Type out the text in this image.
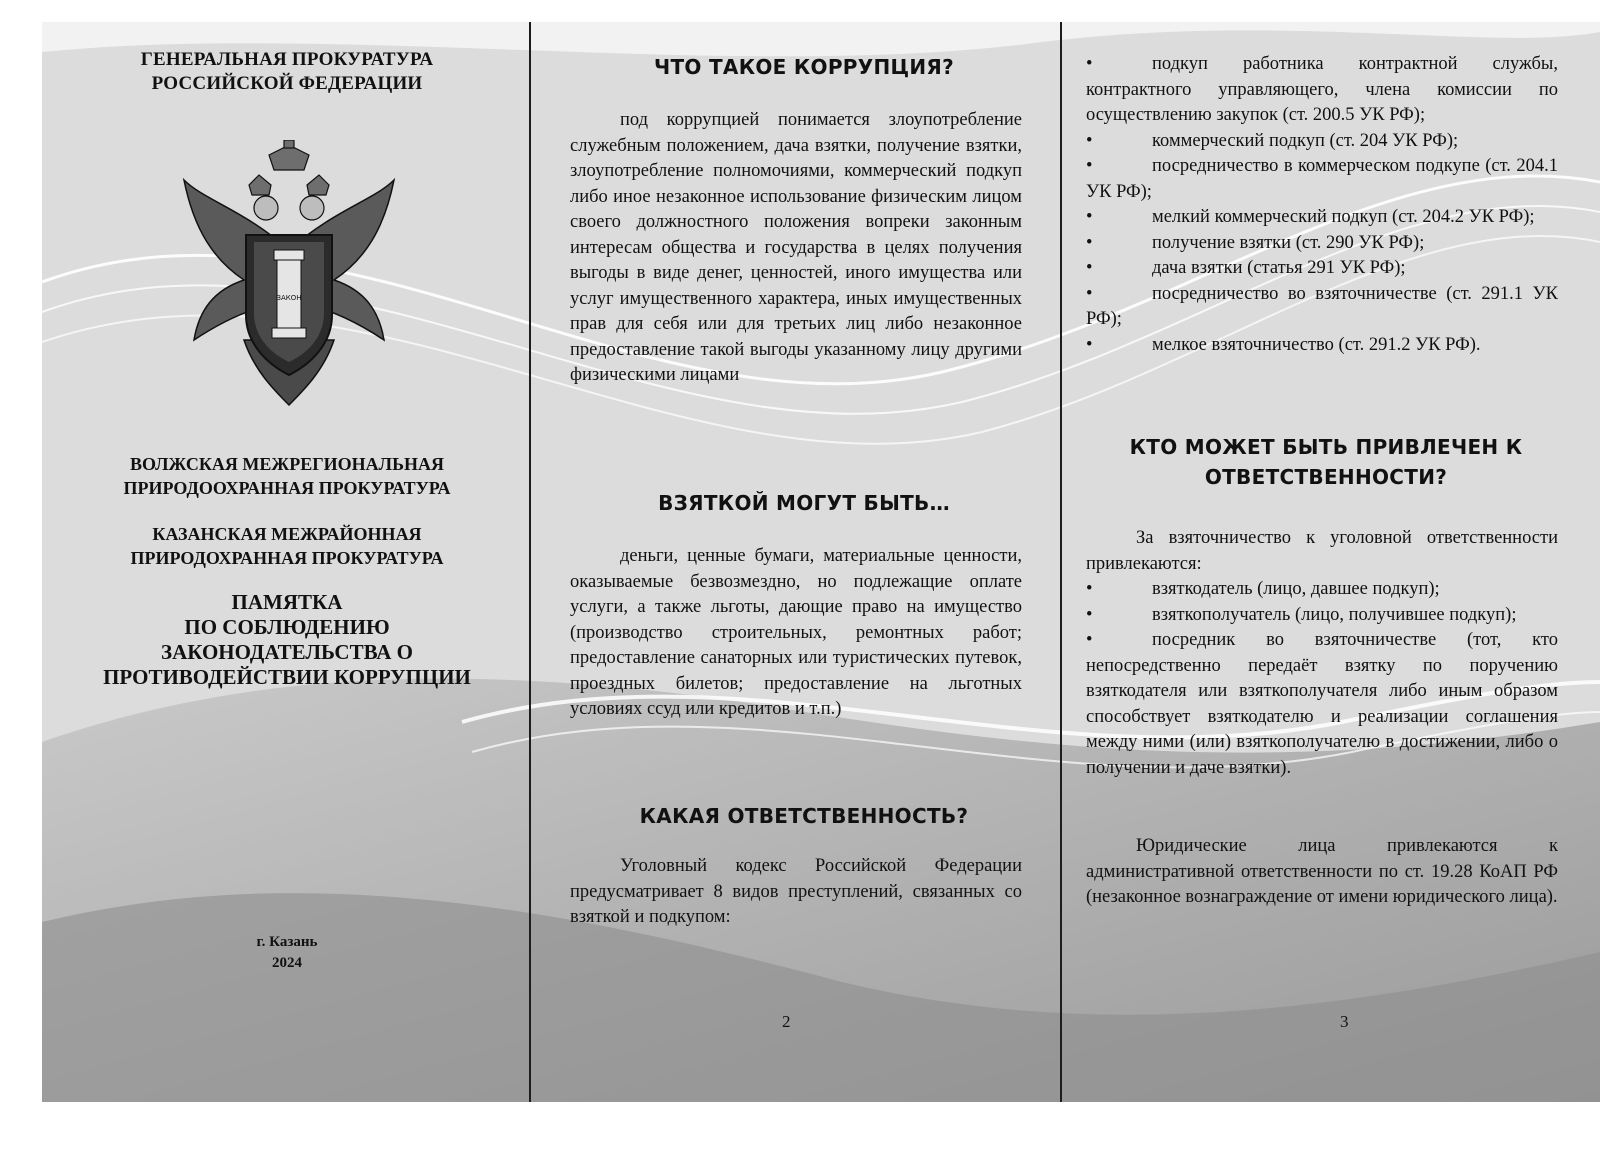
ГЕНЕРАЛЬНАЯ ПРОКУРАТУРА
РОССИЙСКОЙ ФЕДЕРАЦИИ
ЗАКОН
ВОЛЖСКАЯ МЕЖРЕГИОНАЛЬНАЯ
ПРИРОДООХРАННАЯ ПРОКУРАТУРА
КАЗАНСКАЯ МЕЖРАЙОННАЯ
ПРИРОДОХРАННАЯ ПРОКУРАТУРА
ПАМЯТКА
ПО СОБЛЮДЕНИЮ
ЗАКОНОДАТЕЛЬСТВА О
ПРОТИВОДЕЙСТВИИ КОРРУПЦИИ
г. Казань
2024
ЧТО ТАКОЕ КОРРУПЦИЯ?
под коррупцией понимается злоупотребление служебным положением, дача взятки, получение взятки, злоупотребление полномочиями, коммерческий подкуп либо иное незаконное использование физическим лицом своего должностного положения вопреки законным интересам общества и государства в целях получения выгоды в виде денег, ценностей, иного имущества или услуг имущественного характера, иных имущественных прав для себя или для третьих лиц либо незаконное предоставление такой выгоды указанному лицу другими физическими лицами
ВЗЯТКОЙ МОГУТ БЫТЬ…
деньги, ценные бумаги, материальные ценности, оказываемые безвозмездно, но подлежащие оплате услуги, а также льготы, дающие право на имущество (производство строительных, ремонтных работ; предоставление санаторных или туристических путевок, проездных билетов; предоставление на льготных условиях ссуд или кредитов и т.п.)
КАКАЯ ОТВЕТСТВЕННОСТЬ?
Уголовный кодекс Российской Федерации предусматривает 8 видов преступлений, связанных со взяткой и подкупом:
2
•	подкуп работника контрактной службы, контрактного управляющего, члена комиссии по осуществлению закупок (ст. 200.5 УК РФ);
•	коммерческий подкуп (ст. 204 УК РФ);
•	посредничество в коммерческом подкупе (ст. 204.1 УК РФ);
•	мелкий коммерческий подкуп (ст. 204.2 УК РФ);
•	получение взятки (ст. 290 УК РФ);
•	дача взятки (статья 291 УК РФ);
•	посредничество во взяточничестве (ст. 291.1 УК РФ);
•	мелкое взяточничество (ст. 291.2 УК РФ).
КТО МОЖЕТ БЫТЬ ПРИВЛЕЧЕН К ОТВЕТСТВЕННОСТИ?
За взяточничество к уголовной ответственности привлекаются:
•	взяткодатель (лицо, давшее подкуп);
•	взяткополучатель (лицо, получившее подкуп);
•	посредник во взяточничестве (тот, кто непосредственно передаёт взятку по поручению взяткодателя или взяткополучателя либо иным образом способствует взяткодателю и реализации соглашения между ними (или) взяткополучателю в достижении, либо о получении и даче взятки).
Юридические лица привлекаются к административной ответственности по ст. 19.28 КоАП РФ (незаконное вознаграждение от имени юридического лица).
3
